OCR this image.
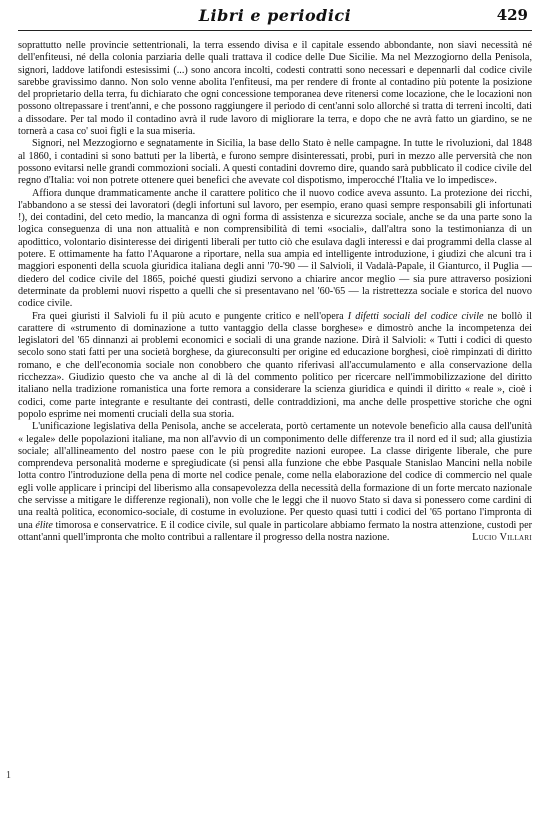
Libri e periodici	429

soprattutto nelle provincie settentrionali, la terra essendo divisa e il capitale essendo abbondante, non siavi necessità né dell'enfiteusi, né della colonia parziaria delle quali trattava il codice delle Due Sicilie. Ma nel Mezzogiorno della Penisola, signori, laddove latifondi estesissimi (...) sono ancora incolti, codesti contratti sono necessari e depennarli dal codice civile sarebbe gravissimo danno. Non solo venne abolita l'enfiteusi, ma per rendere di fronte al contadino più potente la posizione del proprietario della terra, fu dichiarato che ogni concessione temporanea deve ritenersi come locazione, che le locazioni non possono oltrepassare i trent'anni, e che possono raggiungere il periodo di cent'anni solo allorché si tratta di terreni incolti, dati a dissodare. Per tal modo il contadino avrà il rude lavoro di migliorare la terra, e dopo che ne avrà fatto un giardino, se ne tornerà a casa co' suoi figli e la sua miseria.

Signori, nel Mezzogiorno e segnatamente in Sicilia, la base dello Stato è nelle campagne. In tutte le rivoluzioni, dal 1848 al 1860, i contadini si sono battuti per la libertà, e furono sempre disinteressati, probi, puri in mezzo alle perversità che non possono evitarsi nelle grandi commozioni sociali. A questi contadini dovremo dire, quando sarà pubblicato il codice civile del regno d'Italia: voi non potrete ottenere quei benefici che avevate col dispotismo, imperocché l'Italia ve lo impedisce».

Affiora dunque drammaticamente anche il carattere politico che il nuovo codice aveva assunto. La protezione dei ricchi, l'abbandono a se stessi dei lavoratori (degli infortuni sul lavoro, per esempio, erano quasi sempre responsabili gli infortunati !), dei contadini, del ceto medio, la mancanza di ogni forma di assistenza e sicurezza sociale, anche se da una parte sono la logica conseguenza di una non attualità e non comprensibilità di temi «sociali», dall'altra sono la testimonianza di un apodittico, volontario disinteresse dei dirigenti liberali per tutto ciò che esulava dagli interessi e dai programmi della classe al potere. E ottimamente ha fatto l'Aquarone a riportare, nella sua ampia ed intelligente introduzione, i giudizi che alcuni tra i maggiori esponenti della scuola giuridica italiana degli anni '70-'90 — il Salvioli, il Vadalà-Papale, il Gianturco, il Puglia — diedero del codice civile del 1865, poiché questi giudizi servono a chiarire ancor meglio — sia pure attraverso posizioni determinate da problemi nuovi rispetto a quelli che si presentavano nel '60-'65 — la ristrettezza sociale e storica del nuovo codice civile.

Fra quei giuristi il Salvioli fu il più acuto e pungente critico e nell'opera I difetti sociali del codice civile ne bollò il carattere di «strumento di dominazione a tutto vantaggio della classe borghese» e dimostrò anche la incompetenza dei legislatori del '65 dinnanzi ai problemi economici e sociali di una grande nazione. Dirà il Salvioli: « Tutti i codici di questo secolo sono stati fatti per una società borghese, da giureconsulti per origine ed educazione borghesi, cioè rimpinzati di diritto romano, e che dell'economia sociale non conobbero che quanto riferivasi all'accumulamento e alla conservazione della ricchezza». Giudizio questo che va anche al di là del commento politico per ricercare nell'immobilizzazione del diritto italiano nella tradizione romanistica una forte remora a considerare la scienza giuridica e quindi il diritto « reale », cioè i codici, come parte integrante e resultante dei contrasti, delle contraddizioni, ma anche delle prospettive storiche che ogni popolo esprime nei momenti cruciali della sua storia.

L'unificazione legislativa della Penisola, anche se accelerata, portò certamente un notevole beneficio alla causa dell'unità « legale» delle popolazioni italiane, ma non all'avvio di un componimento delle differenze tra il nord ed il sud; alla giustizia sociale; all'allineamento del nostro paese con le più progredite nazioni europee. La classe dirigente liberale, che pure comprendeva personalità moderne e spregiudicate (si pensi alla funzione che ebbe Pasquale Stanislao Mancini nella nobile lotta contro l'introduzione della pena di morte nel codice penale, come nella elaborazione del codice di commercio nel quale egli volle applicare i principi del liberismo alla consapevolezza della necessità della formazione di un forte mercato nazionale che servisse a mitigare le differenze regionali), non volle che le leggi che il nuovo Stato si dava si ponessero come cardini di una realtà politica, economico-sociale, di costume in evoluzione. Per questo quasi tutti i codici del '65 portano l'impronta di una élite timorosa e conservatrice. E il codice civile, sul quale in particolare abbiamo fermato la nostra attenzione, custodì per ottant'anni quell'impronta che molto contribuì a rallentare il progresso della nostra nazione.	Lucio Villari
1
